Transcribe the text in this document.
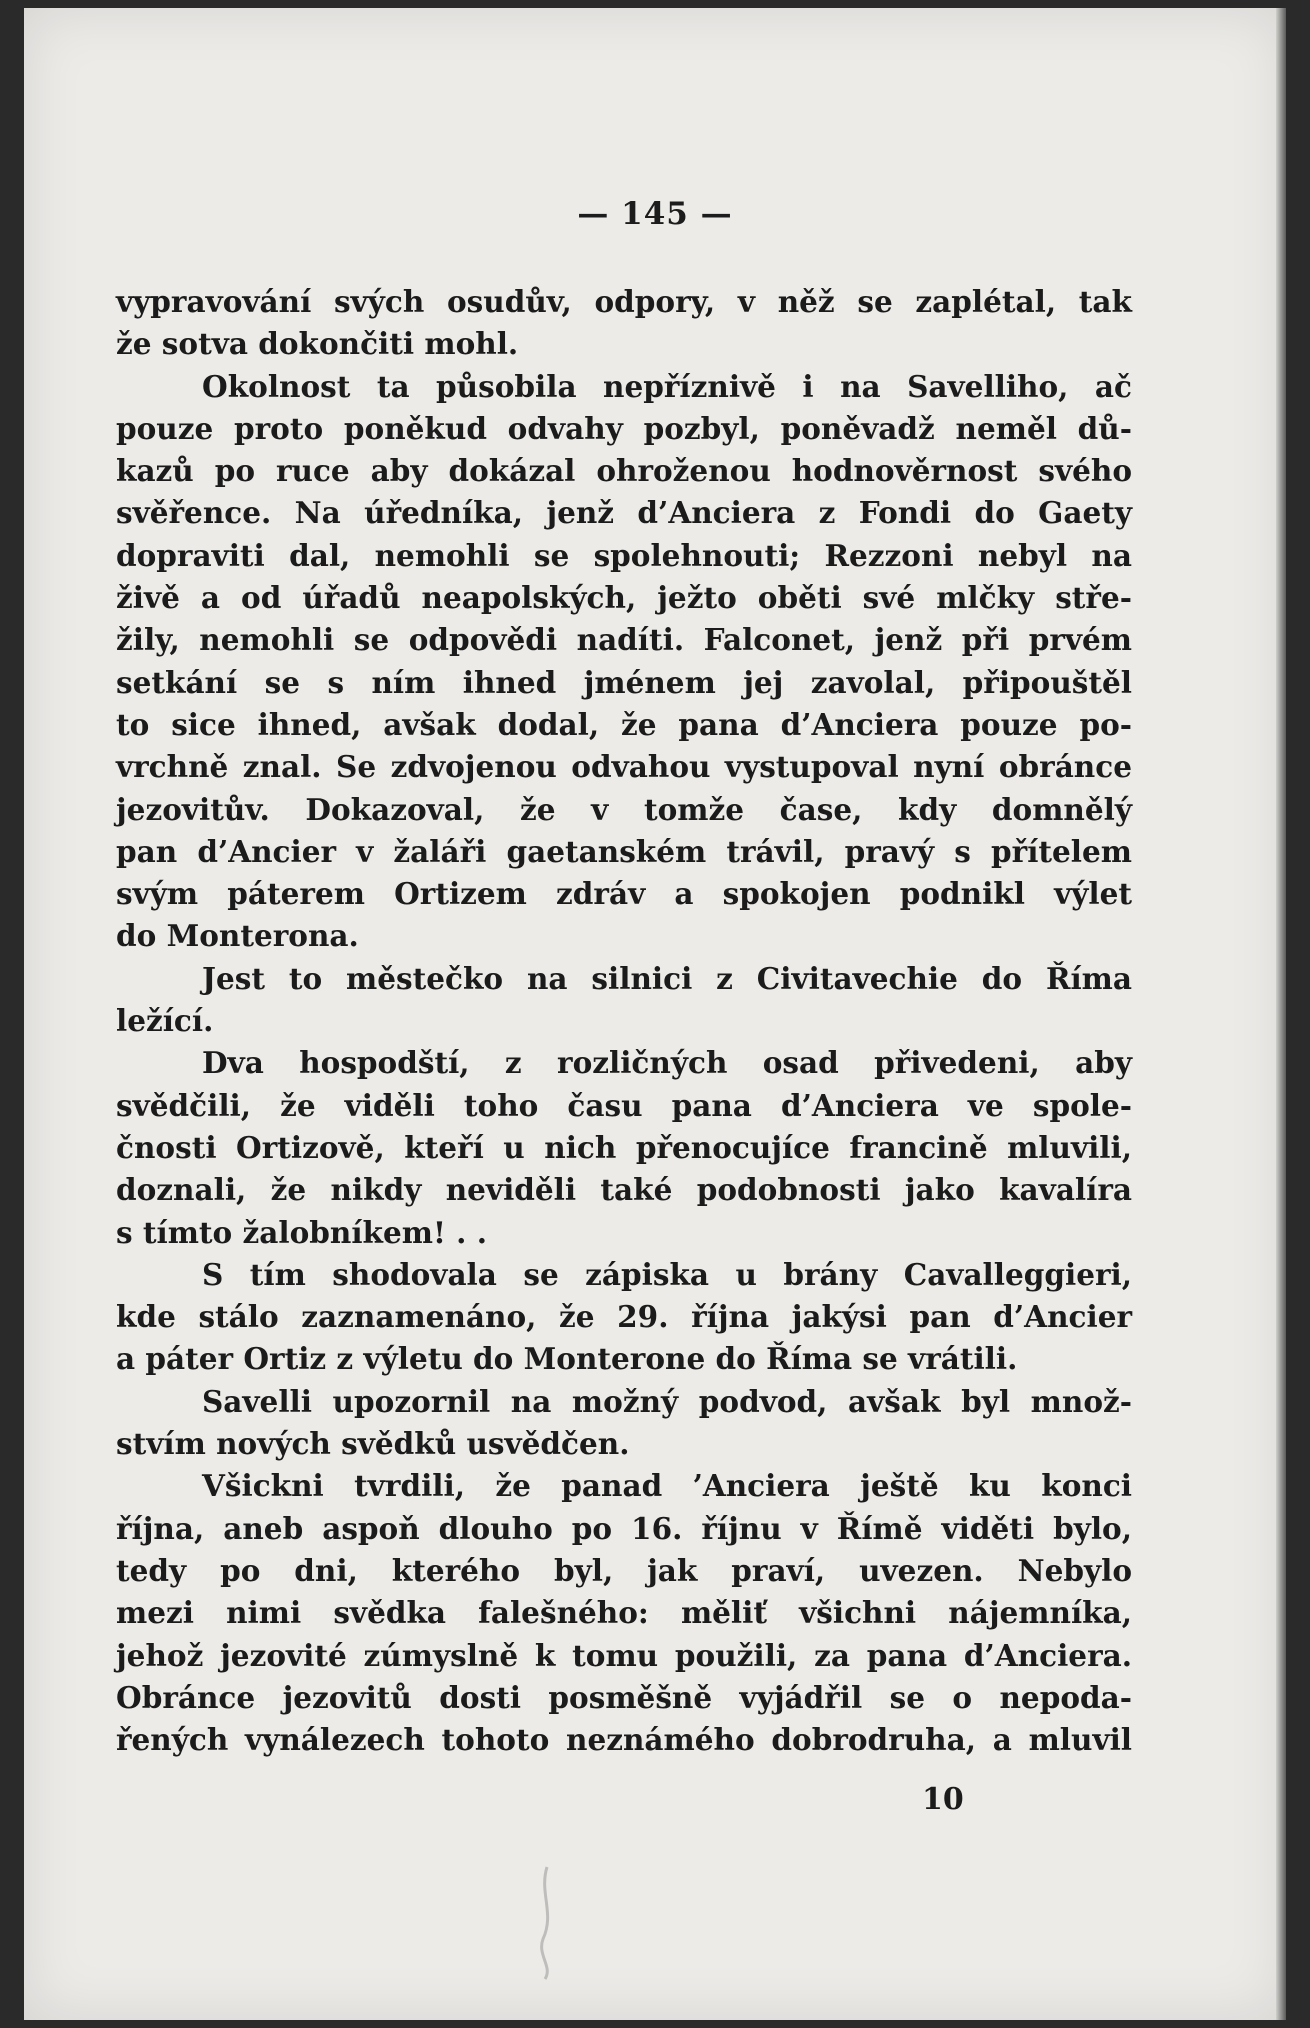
— 145 —
vypravování svých osudův, odpory, v něž se zaplétal, tak
že sotva dokončiti mohl.
Okolnost ta působila nepříznivě i na Savelliho, ač
pouze proto poněkud odvahy pozbyl, poněvadž neměl dů-
kazů po ruce aby dokázal ohroženou hodnověrnost svého
svěřence. Na úředníka, jenž d’Anciera z Fondi do Gaety
dopraviti dal, nemohli se spolehnouti; Rezzoni nebyl na
živě a od úřadů neapolských, ježto oběti své mlčky stře-
žily, nemohli se odpovědi nadíti. Falconet, jenž při prvém
setkání se s ním ihned jménem jej zavolal, připouštěl
to sice ihned, avšak dodal, že pana d’Anciera pouze po-
vrchně znal. Se zdvojenou odvahou vystupoval nyní obránce
jezovitův. Dokazoval, že v tomže čase, kdy domnělý
pan d’Ancier v žaláři gaetanském trávil, pravý s přítelem
svým páterem Ortizem zdráv a spokojen podnikl výlet
do Monterona.
Jest to městečko na silnici z Civitavechie do Říma
ležící.
Dva hospodští, z rozličných osad přivedeni, aby
svědčili, že viděli toho času pana d’Anciera ve spole-
čnosti Ortizově, kteří u nich přenocujíce francině mluvili,
doznali, že nikdy neviděli také podobnosti jako kavalíra
s tímto žalobníkem! . .
S tím shodovala se zápiska u brány Cavalleggieri,
kde stálo zaznamenáno, že 29. října jakýsi pan d’Ancier
a páter Ortiz z výletu do Monterone do Říma se vrátili.
Savelli upozornil na možný podvod, avšak byl množ-
stvím nových svědků usvědčen.
Všickni tvrdili, že panad ’Anciera ještě ku konci
října, aneb aspoň dlouho po 16. říjnu v Římě viděti bylo,
tedy po dni, kterého byl, jak praví, uvezen. Nebylo
mezi nimi svědka falešného: měliť všichni nájemníka,
jehož jezovité zúmyslně k tomu použili, za pana d’Anciera.
Obránce jezovitů dosti posměšně vyjádřil se o nepoda-
řených vynálezech tohoto neznámého dobrodruha, a mluvil
10
